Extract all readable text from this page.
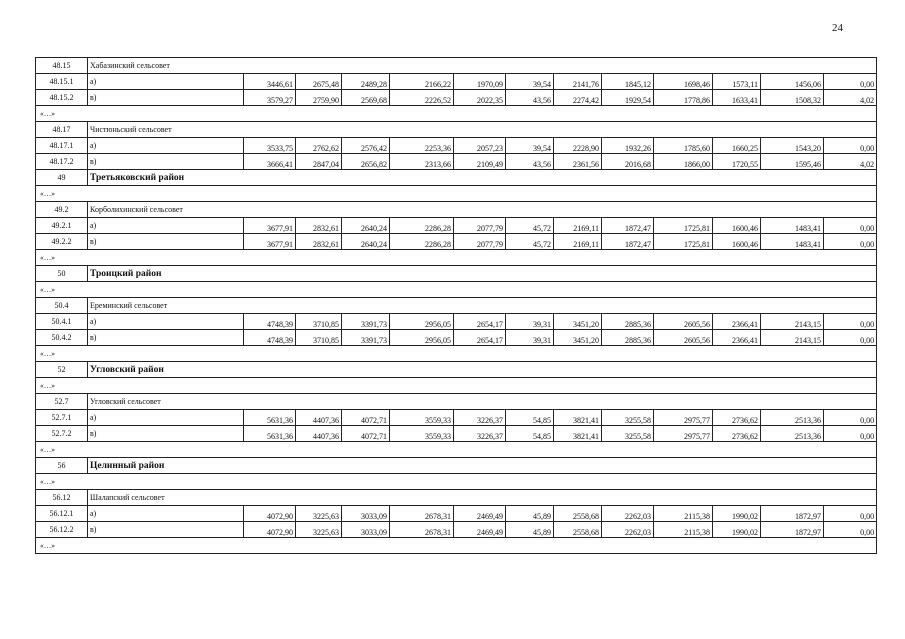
24
48.15	Хабазинский сельсовет												
48.15.1	а)	3446,61	2675,48	2489,28	2166,22	1970,09	39,54	2141,76	1845,12	1698,46	1573,11	1456,06	0,00
48.15.2	в)	3579,27	2759,90	2569,68	2226,52	2022,35	43,56	2274,42	1929,54	1778,86	1633,41	1508,32	4,02
«…»													
48.17	Чистюньский сельсовет												
48.17.1	а)	3533,75	2762,62	2576,42	2253,36	2057,23	39,54	2228,90	1932,26	1785,60	1660,25	1543,20	0,00
48.17.2	в)	3666,41	2847,04	2656,82	2313,66	2109,49	43,56	2361,56	2016,68	1866,00	1720,55	1595,46	4,02
49	Третьяковский район												
«…»													
49.2	Корболихинский сельсовет												
49.2.1	а)	3677,91	2832,61	2640,24	2286,28	2077,79	45,72	2169,11	1872,47	1725,81	1600,46	1483,41	0,00
49.2.2	в)	3677,91	2832,61	2640,24	2286,28	2077,79	45,72	2169,11	1872,47	1725,81	1600,46	1483,41	0,00
«…»													
50	Троицкий район												
«…»													
50.4	Ереминский сельсовет												
50.4.1	а)	4748,39	3710,85	3391,73	2956,05	2654,17	39,31	3451,20	2885,36	2605,56	2366,41	2143,15	0,00
50.4.2	в)	4748,39	3710,85	3391,73	2956,05	2654,17	39,31	3451,20	2885,36	2605,56	2366,41	2143,15	0,00
«…»													
52	Угловский район												
«…»													
52.7	Угловский сельсовет												
52.7.1	а)	5631,36	4407,36	4072,71	3559,33	3226,37	54,85	3821,41	3255,58	2975,77	2736,62	2513,36	0,00
52.7.2	в)	5631,36	4407,36	4072,71	3559,33	3226,37	54,85	3821,41	3255,58	2975,77	2736,62	2513,36	0,00
«…»													
56	Целинный район												
«…»													
56.12	Шалапский сельсовет												
56.12.1	а)	4072,90	3225,63	3033,09	2678,31	2469,49	45,89	2558,68	2262,03	2115,38	1990,02	1872,97	0,00
56.12.2	в)	4072,90	3225,63	3033,09	2678,31	2469,49	45,89	2558,68	2262,03	2115,38	1990,02	1872,97	0,00
«…»													
